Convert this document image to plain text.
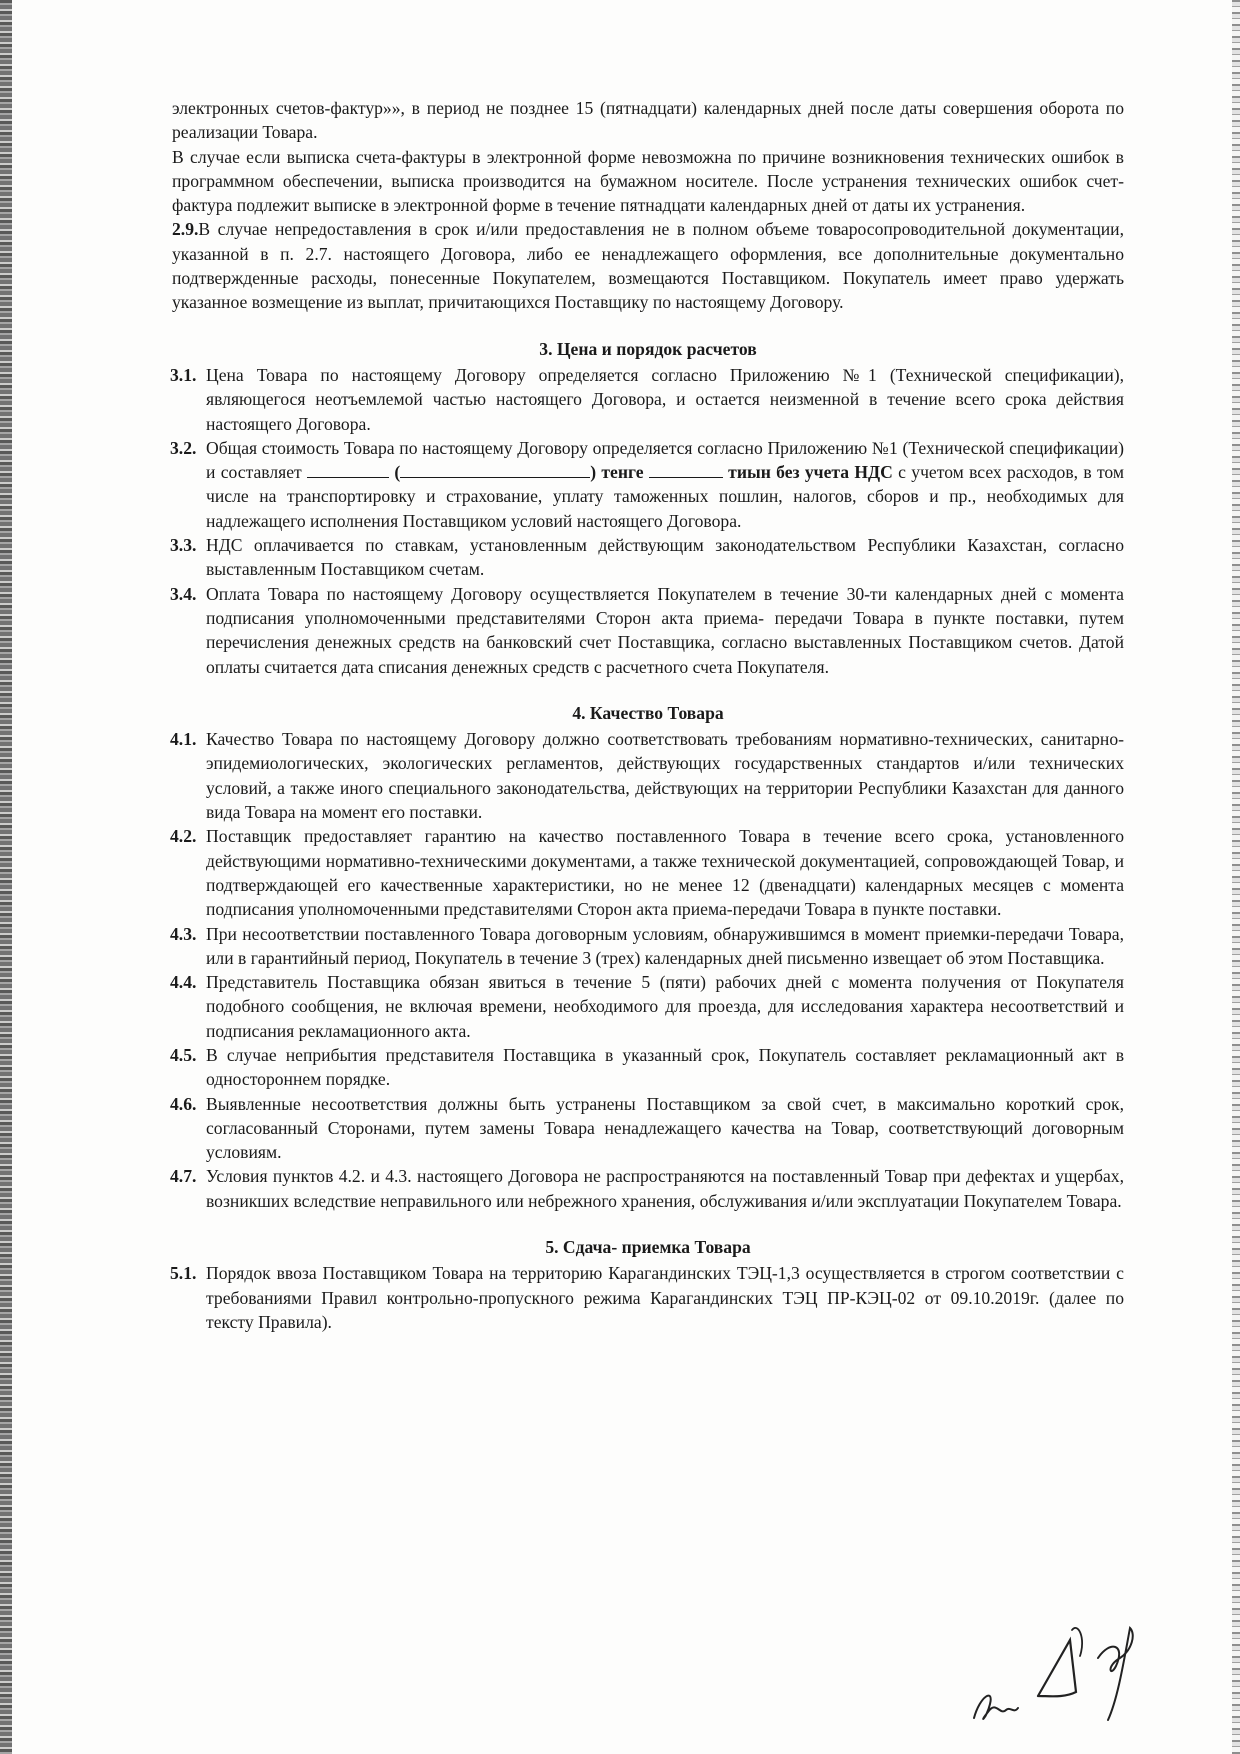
электронных счетов-фактур»», в период не позднее 15 (пятнадцати) календарных дней после даты совершения оборота по реализации Товара.

В случае если выписка счета-фактуры в электронной форме невозможна по причине возникновения технических ошибок в программном обеспечении, выписка производится на бумажном носителе. После устранения технических ошибок счет-фактура подлежит выписке в электронной форме в течение пятнадцати календарных дней от даты их устранения.

2.9.В случае непредоставления в срок и/или предоставления не в полном объеме товаросопроводительной документации, указанной в п. 2.7. настоящего Договора, либо ее ненадлежащего оформления, все дополнительные документально подтвержденные расходы, понесенные Покупателем, возмещаются Поставщиком. Покупатель имеет право удержать указанное возмещение из выплат, причитающихся Поставщику по настоящему Договору.

3. Цена и порядок расчетов
3.1. Цена Товара по настоящему Договору определяется согласно Приложению №1 (Технической спецификации), являющегося неотъемлемой частью настоящего Договора, и остается неизменной в течение всего срока действия настоящего Договора.
3.2. Общая стоимость Товара по настоящему Договору определяется согласно Приложению №1 (Технической спецификации) и составляет	(	) тенге	тиын без учета НДС с учетом всех расходов, в том числе на транспортировку и страхование, уплату таможенных пошлин, налогов, сборов и пр., необходимых для надлежащего исполнения Поставщиком условий настоящего Договора.
3.3. НДС оплачивается по ставкам, установленным действующим законодательством Республики Казахстан, согласно выставленным Поставщиком счетам.
3.4. Оплата Товара по настоящему Договору осуществляется Покупателем в течение 30-ти календарных дней с момента подписания уполномоченными представителями Сторон акта приема- передачи Товара в пункте поставки, путем перечисления денежных средств на банковский счет Поставщика, согласно выставленных Поставщиком счетов. Датой оплаты считается дата списания денежных средств с расчетного счета Покупателя.
4. Качество Товара
4.1. Качество Товара по настоящему Договору должно соответствовать требованиям нормативно-технических, санитарно-эпидемиологических, экологических регламентов, действующих государственных стандартов и/или технических условий, а также иного специального законодательства, действующих на территории Республики Казахстан для данного вида Товара на момент его поставки.
4.2. Поставщик предоставляет гарантию на качество поставленного Товара в течение всего срока, установленного действующими нормативно-техническими документами, а также технической документацией, сопровождающей Товар, и подтверждающей его качественные характеристики, но не менее 12 (двенадцати) календарных месяцев с момента подписания уполномоченными представителями Сторон акта приема-передачи Товара в пункте поставки.
4.3. При несоответствии поставленного Товара договорным условиям, обнаружившимся в момент приемки-передачи Товара, или в гарантийный период, Покупатель в течение 3 (трех) календарных дней письменно извещает об этом Поставщика.
4.4. Представитель Поставщика обязан явиться в течение 5 (пяти) рабочих дней с момента получения от Покупателя подобного сообщения, не включая времени, необходимого для проезда, для исследования характера несоответствий и подписания рекламационного акта.
4.5. В случае неприбытия представителя Поставщика в указанный срок, Покупатель составляет рекламационный акт в одностороннем порядке.
4.6. Выявленные несоответствия должны быть устранены Поставщиком за свой счет, в максимально короткий срок, согласованный Сторонами, путем замены Товара ненадлежащего качества на Товар, соответствующий договорным условиям.
4.7. Условия пунктов 4.2. и 4.3. настоящего Договора не распространяются на поставленный Товар при дефектах и ущербах, возникших вследствие неправильного или небрежного хранения, обслуживания и/или эксплуатации Покупателем Товара.
5. Сдача- приемка Товара
5.1. Порядок ввоза Поставщиком Товара на территорию Карагандинских ТЭЦ-1,3 осуществляется в строгом соответствии с требованиями Правил контрольно-пропускного режима Карагандинских ТЭЦ ПР-КЭЦ-02 от 09.10.2019г. (далее по тексту Правила).
